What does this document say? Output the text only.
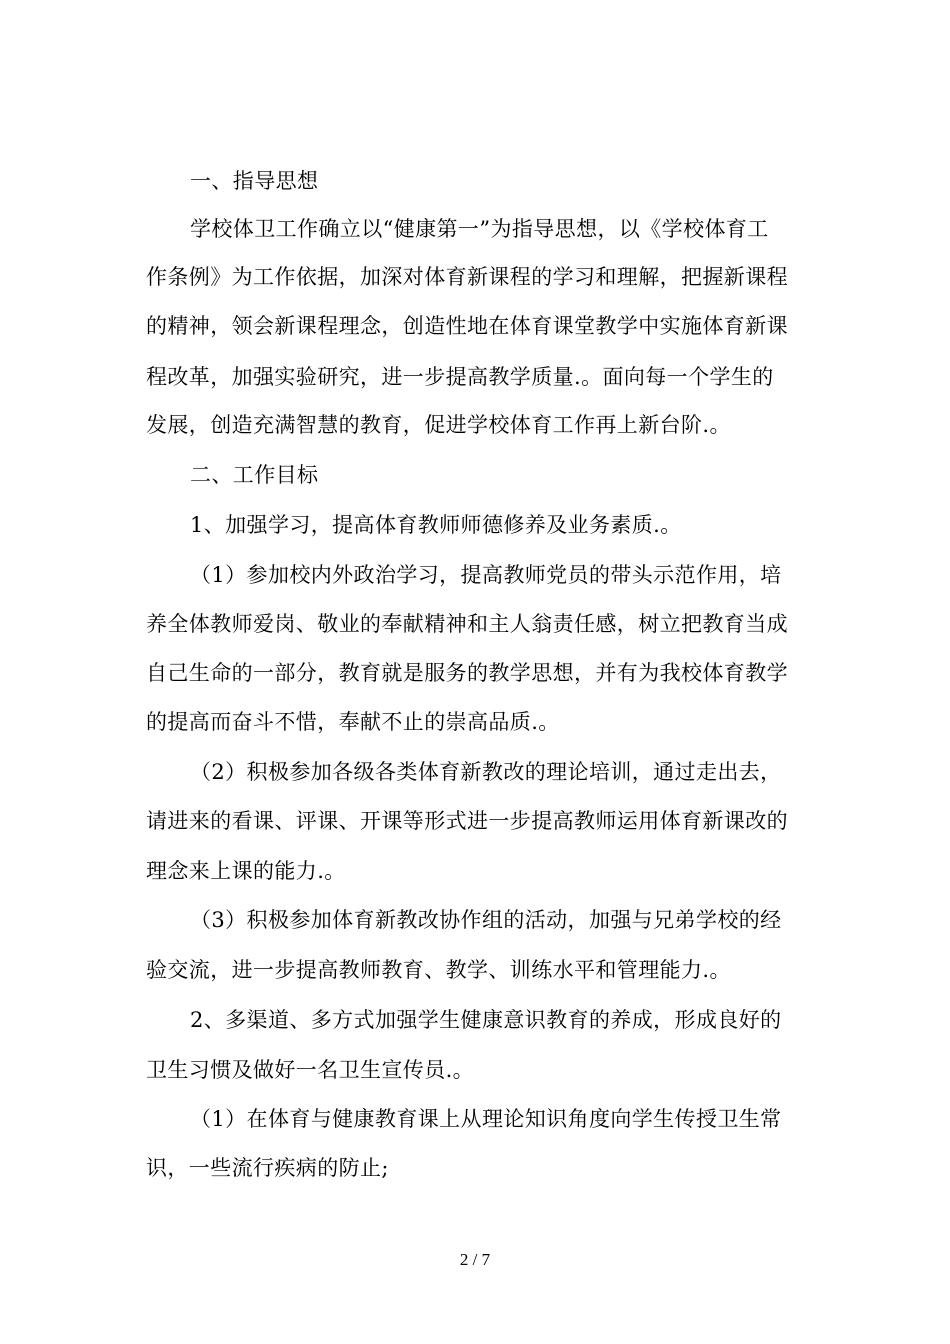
一、指导思想
学校体卫工作确立以“健康第一”为指导思想，以《学校体育工
作条例》为工作依据，加深对体育新课程的学习和理解，把握新课程
的精神，领会新课程理念，创造性地在体育课堂教学中实施体育新课
程改革，加强实验研究，进一步提高教学质量.。面向每一个学生的
发展，创造充满智慧的教育，促进学校体育工作再上新台阶.。
二、工作目标
1、加强学习，提高体育教师师德修养及业务素质.。
（1）参加校内外政治学习，提高教师党员的带头示范作用，培
养全体教师爱岗、敬业的奉献精神和主人翁责任感，树立把教育当成
自己生命的一部分，教育就是服务的教学思想，并有为我校体育教学
的提高而奋斗不惜，奉献不止的崇高品质.。
（2）积极参加各级各类体育新教改的理论培训，通过走出去，
请进来的看课、评课、开课等形式进一步提高教师运用体育新课改的
理念来上课的能力.。
（3）积极参加体育新教改协作组的活动，加强与兄弟学校的经
验交流，进一步提高教师教育、教学、训练水平和管理能力.。
2、多渠道、多方式加强学生健康意识教育的养成，形成良好的
卫生习惯及做好一名卫生宣传员.。
（1）在体育与健康教育课上从理论知识角度向学生传授卫生常
识，一些流行疾病的防止;
2 / 7
